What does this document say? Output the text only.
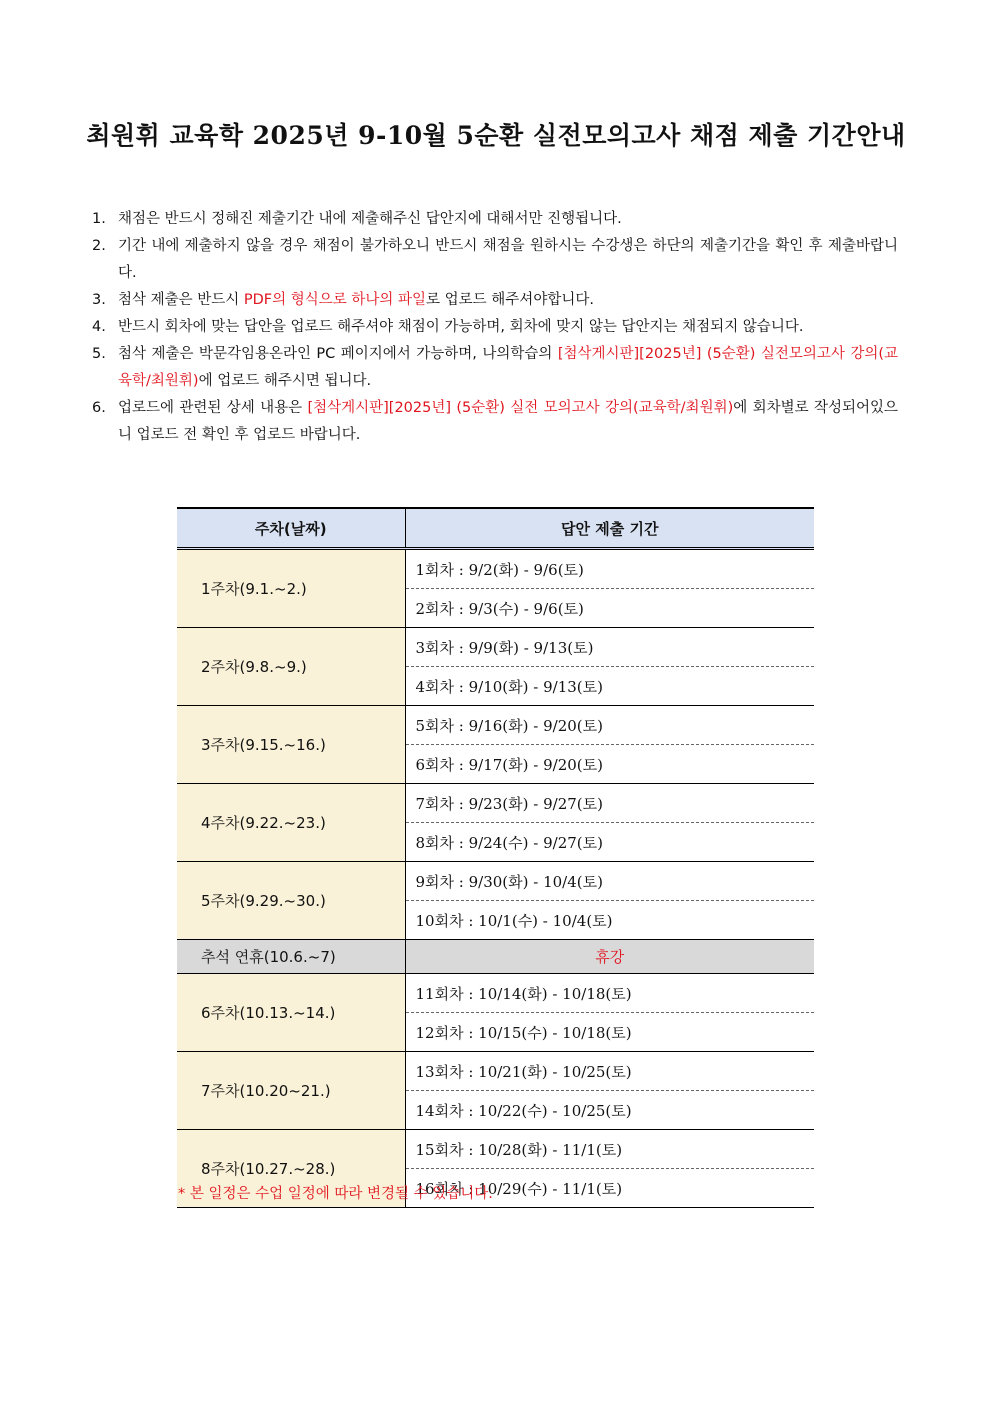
최원휘 교육학 2025년 9-10월 5순환 실전모의고사 채점 제출 기간안내
1. 채점은 반드시 정해진 제출기간 내에 제출해주신 답안지에 대해서만 진행됩니다.
2. 기간 내에 제출하지 않을 경우 채점이 불가하오니 반드시 채점을 원하시는 수강생은 하단의 제출기간을 확인 후 제출바랍니다.
3. 첨삭 제출은 반드시 PDF의 형식으로 하나의 파일로 업로드 해주셔야합니다.
4. 반드시 회차에 맞는 답안을 업로드 해주셔야 채점이 가능하며, 회차에 맞지 않는 답안지는 채점되지 않습니다.
5. 첨삭 제출은 박문각임용온라인 PC 페이지에서 가능하며, 나의학습의 [첨삭게시판][2025년] (5순환) 실전모의고사 강의(교육학/최원휘)에 업로드 해주시면 됩니다.
6. 업로드에 관련된 상세 내용은 [첨삭게시판][2025년] (5순환) 실전 모의고사 강의(교육학/최원휘)에 회차별로 작성되어있으니 업로드 전 확인 후 업로드 바랍니다.
주차(날짜)	답안 제출 기간
1주차(9.1.~2.)	1회차 : 9/2(화) - 9/6(토)
	2회차 : 9/3(수) - 9/6(토)
2주차(9.8.~9.)	3회차 : 9/9(화) - 9/13(토)
	4회차 : 9/10(화) - 9/13(토)
3주차(9.15.~16.)	5회차 : 9/16(화) - 9/20(토)
	6회차 : 9/17(화) - 9/20(토)
4주차(9.22.~23.)	7회차 : 9/23(화) - 9/27(토)
	8회차 : 9/24(수) - 9/27(토)
5주차(9.29.~30.)	9회차 : 9/30(화) - 10/4(토)
	10회차 : 10/1(수) - 10/4(토)
추석 연휴(10.6.~7)	휴강
6주차(10.13.~14.)	11회차 : 10/14(화) - 10/18(토)
	12회차 : 10/15(수) - 10/18(토)
7주차(10.20~21.)	13회차 : 10/21(화) - 10/25(토)
	14회차 : 10/22(수) - 10/25(토)
8주차(10.27.~28.)	15회차 : 10/28(화) - 11/1(토)
	16회차 : 10/29(수) - 11/1(토)
* 본 일정은 수업 일정에 따라 변경될 수 있습니다.
